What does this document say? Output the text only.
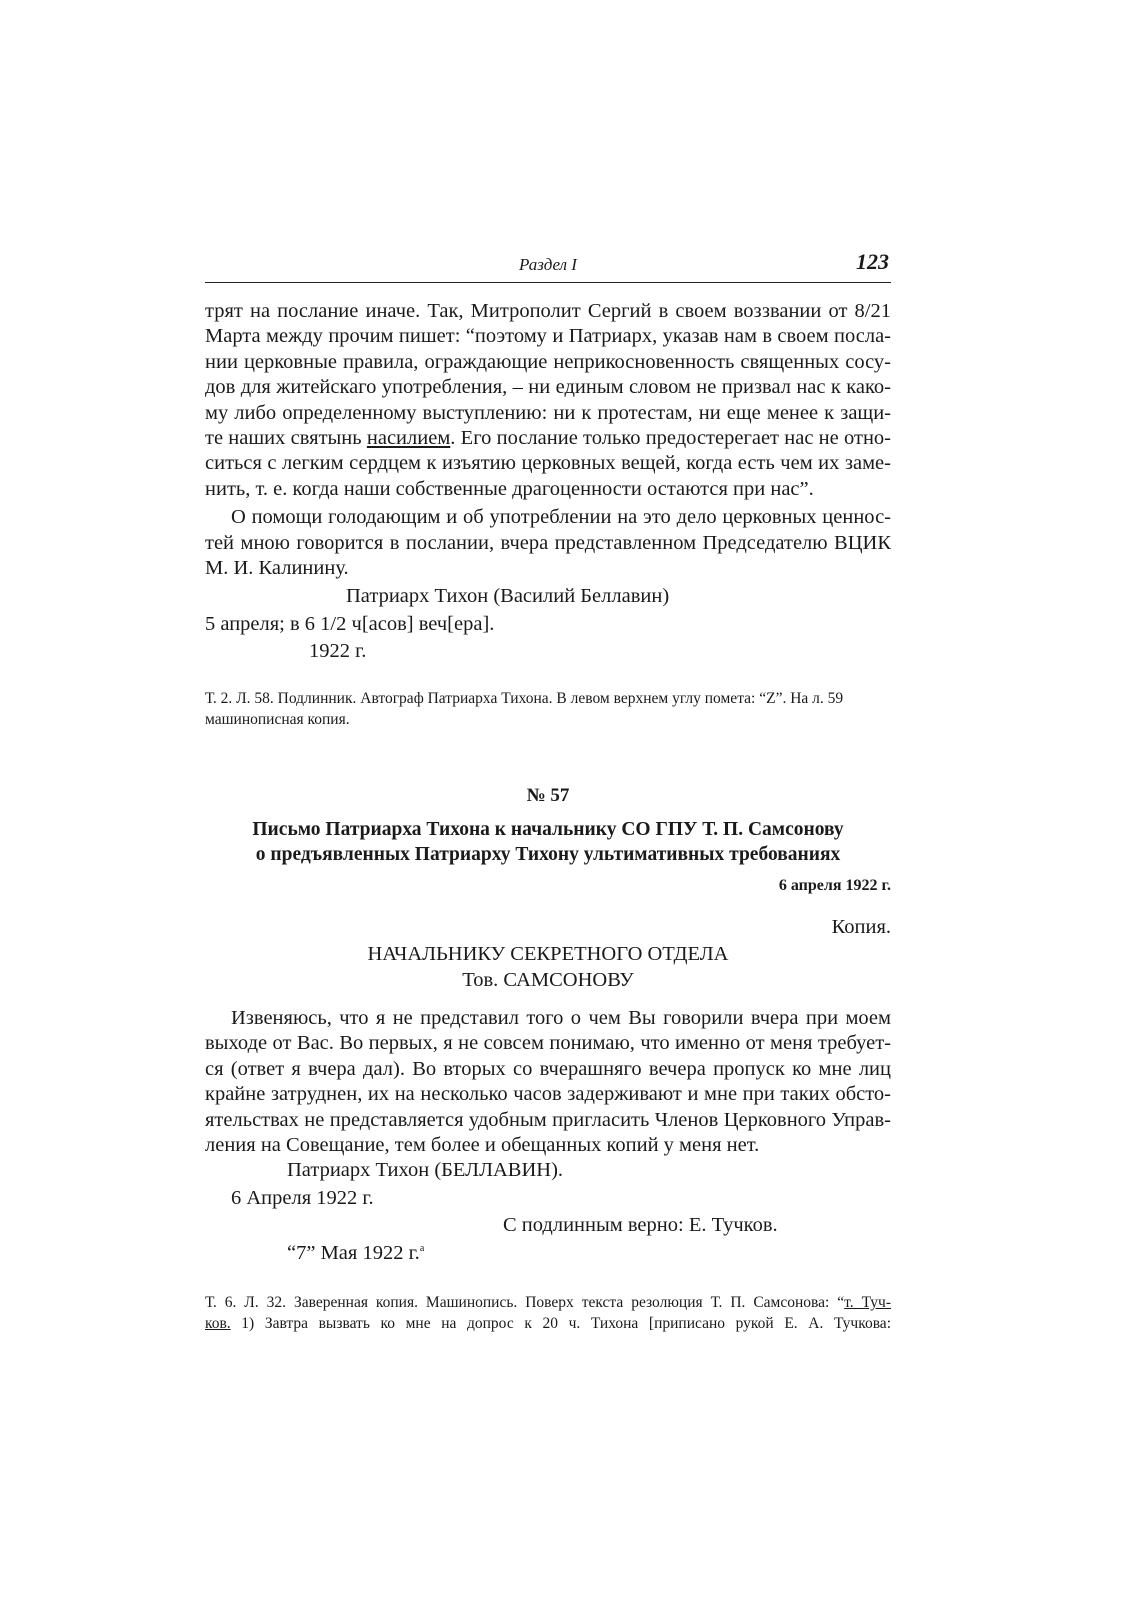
Раздел I	123
трят на послание иначе. Так, Митрополит Сергий в своем воззвании от 8/21
Марта между прочим пишет: “поэтому и Патриарх, указав нам в своем посла-
нии церковные правила, ограждающие неприкосновенность священных сосу-
дов для житейскаго употребления, – ни единым словом не призвал нас к како-
му либо определенному выступлению: ни к протестам, ни еще менее к защи-
те наших святынь насилием. Его послание только предостерегает нас не отно-
ситься с легким сердцем к изъятию церковных вещей, когда есть чем их заме-
нить, т. е. когда наши собственные драгоценности остаются при нас”.
О помощи голодающим и об употреблении на это дело церковных ценнос-
тей мною говорится в послании, вчера представленном Председателю ВЦИК
М. И. Калинину.
Патриарх Тихон (Василий Беллавин)
5 апреля; в 6 1/2 ч[асов] веч[ера].
1922 г.
Т. 2. Л. 58. Подлинник. Автограф Патриарха Тихона. В левом верхнем углу помета: “Z”. На л. 59
машинописная копия.
№ 57
Письмо Патриарха Тихона к начальнику СО ГПУ Т. П. Самсонову
о предъявленных Патриарху Тихону ультимативных требованиях
6 апреля 1922 г.
Копия.
НАЧАЛЬНИКУ СЕКРЕТНОГО ОТДЕЛА
Тов. САМСОНОВУ
Извеняюсь, что я не представил того о чем Вы говорили вчера при моем
выходе от Вас. Во первых, я не совсем понимаю, что именно от меня требует-
ся (ответ я вчера дал). Во вторых со вчерашняго вечера пропуск ко мне лиц
крайне затруднен, их на несколько часов задерживают и мне при таких обсто-
ятельствах не представляется удобным пригласить Членов Церковного Управ-
ления на Совещание, тем более и обещанных копий у меня нет.
Патриарх Тихон (БЕЛЛАВИН).
6 Апреля 1922 г.
С подлинным верно: Е. Тучков.
“7” Мая 1922 г.$^а$
Т. 6. Л. 32. Заверенная копия. Машинопись. Поверх текста резолюция Т. П. Самсонова: “т. Туч-
ков. 1) Завтра вызвать ко мне на допрос к 20 ч. Тихона [приписано рукой Е. А. Тучкова:
